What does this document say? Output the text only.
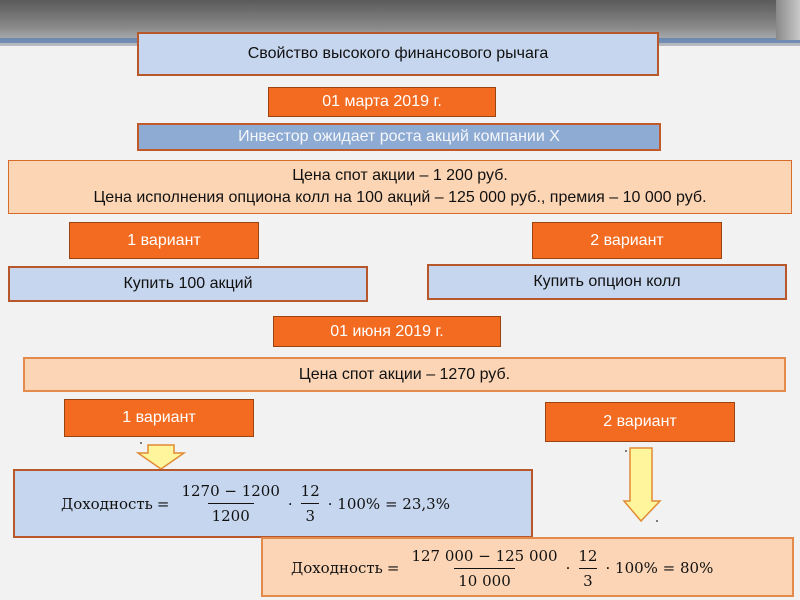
Свойство высокого финансового рычага
01 марта 2019 г.
Инвестор ожидает роста акций компании Х
Цена спот акции – 1 200 руб.
Цена исполнения опциона колл на 100 акций – 125 000 руб., премия – 10 000 руб.
1 вариант	2 вариант
Купить 100 акций	Купить опцион колл
01 июня 2019 г.
Цена спот акции – 1270 руб.
1 вариант	2 вариант
Доходность = $\frac{1270 - 1200}{1200} \cdot \frac{12}{3} \cdot 100\% = 23,3\%$
Доходность = $\frac{127 000 - 125 000}{10 000} \cdot \frac{12}{3} \cdot 100\% = 80\%$
